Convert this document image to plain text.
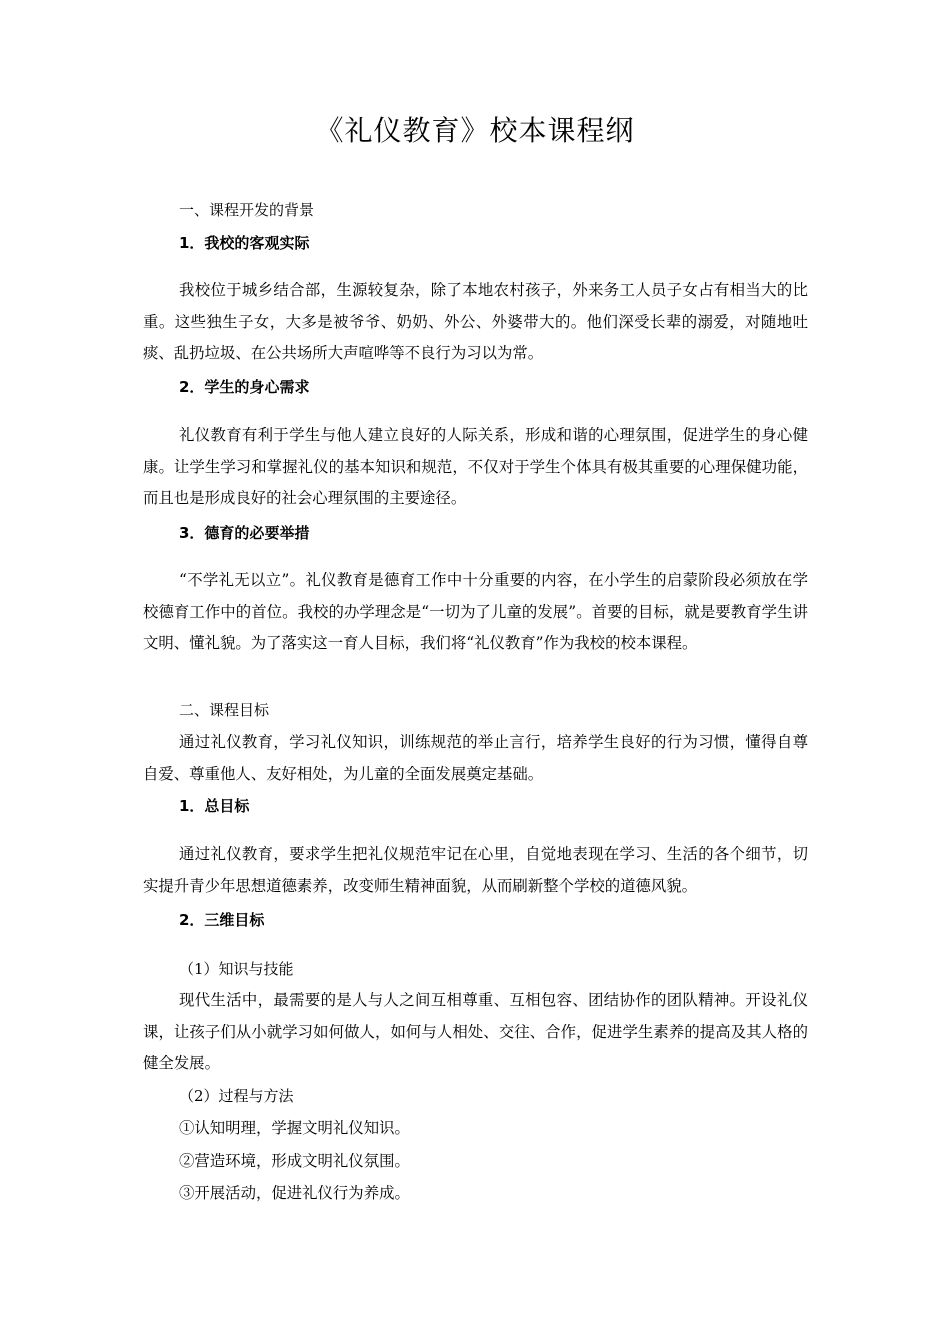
《礼仪教育》校本课程纲
一、课程开发的背景
1．我校的客观实际

我校位于城乡结合部，生源较复杂，除了本地农村孩子，外来务工人员子女占有相当大的比重。这些独生子女，大多是被爷爷、奶奶、外公、外婆带大的。他们深受长辈的溺爱，对随地吐痰、乱扔垃圾、在公共场所大声喧哗等不良行为习以为常。

2．学生的身心需求

礼仪教育有利于学生与他人建立良好的人际关系，形成和谐的心理氛围，促进学生的身心健康。让学生学习和掌握礼仪的基本知识和规范，不仅对于学生个体具有极其重要的心理保健功能，而且也是形成良好的社会心理氛围的主要途径。

3．德育的必要举措

“不学礼无以立”。礼仪教育是德育工作中十分重要的内容，在小学生的启蒙阶段必须放在学校德育工作中的首位。我校的办学理念是“一切为了儿童的发展”。首要的目标，就是要教育学生讲文明、懂礼貌。为了落实这一育人目标，我们将“礼仪教育”作为我校的校本课程。

二、课程目标

通过礼仪教育，学习礼仪知识，训练规范的举止言行，培养学生良好的行为习惯，懂得自尊自爱、尊重他人、友好相处，为儿童的全面发展奠定基础。

1．总目标

通过礼仪教育，要求学生把礼仪规范牢记在心里，自觉地表现在学习、生活的各个细节，切实提升青少年思想道德素养，改变师生精神面貌，从而刷新整个学校的道德风貌。

2．三维目标
（1）知识与技能

现代生活中，最需要的是人与人之间互相尊重、互相包容、团结协作的团队精神。开设礼仪课，让孩子们从小就学习如何做人，如何与人相处、交往、合作，促进学生素养的提高及其人格的健全发展。

（2）过程与方法
①认知明理，学握文明礼仪知识。
②营造环境，形成文明礼仪氛围。
③开展活动，促进礼仪行为养成。
